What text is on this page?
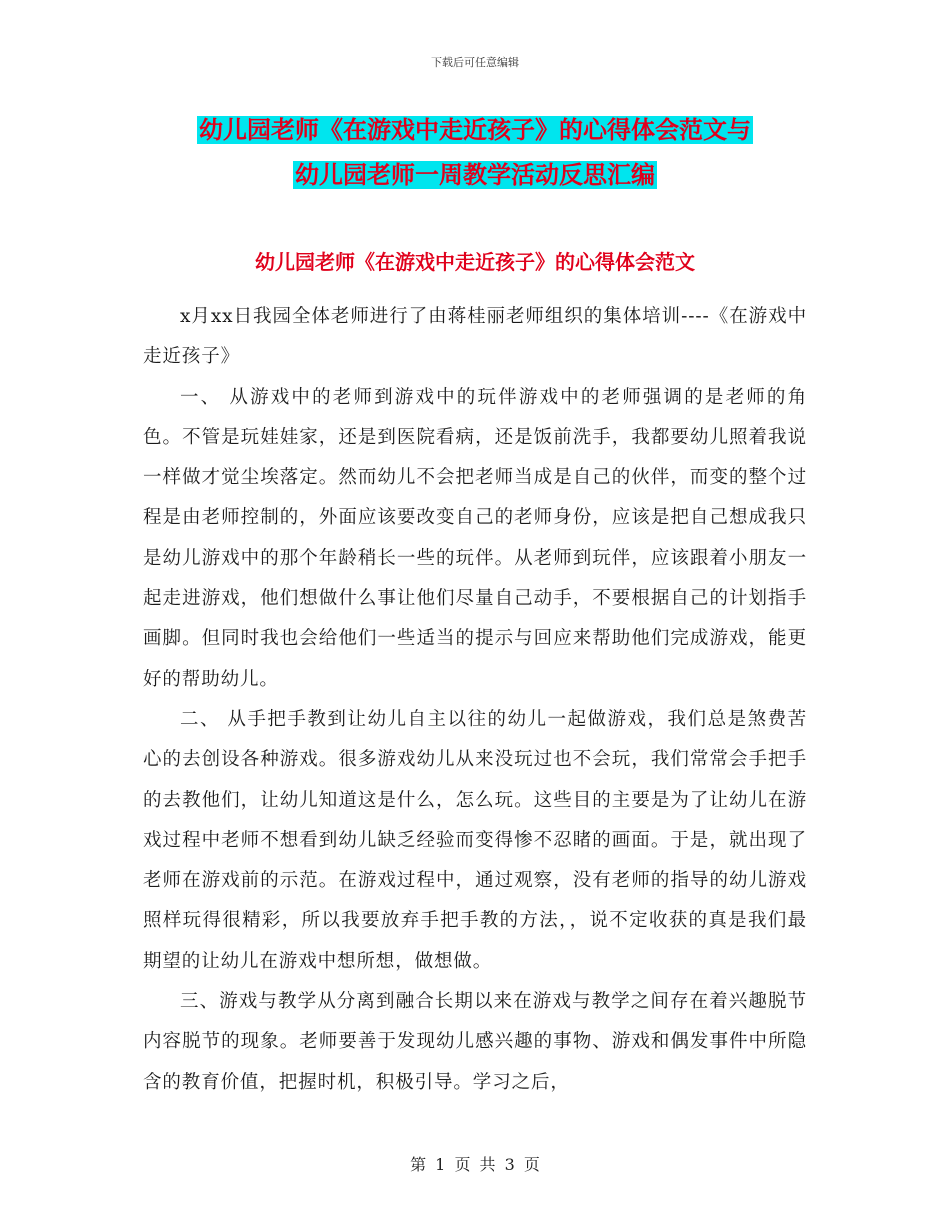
下载后可任意编辑
幼儿园老师《在游戏中走近孩子》的心得体会范文与
幼儿园老师一周教学活动反思汇编
幼儿园老师《在游戏中走近孩子》的心得体会范文

x月xx日我园全体老师进行了由蒋桂丽老师组织的集体培训----《在游戏中走近孩子》

一、 从游戏中的老师到游戏中的玩伴游戏中的老师强调的是老师的角色。不管是玩娃娃家，还是到医院看病，还是饭前洗手，我都要幼儿照着我说一样做才觉尘埃落定。然而幼儿不会把老师当成是自己的伙伴，而变的整个过程是由老师控制的，外面应该要改变自己的老师身份，应该是把自己想成我只是幼儿游戏中的那个年龄稍长一些的玩伴。从老师到玩伴，应该跟着小朋友一起走进游戏，他们想做什么事让他们尽量自己动手，不要根据自己的计划指手画脚。但同时我也会给他们一些适当的提示与回应来帮助他们完成游戏，能更好的帮助幼儿。

二、 从手把手教到让幼儿自主以往的幼儿一起做游戏，我们总是煞费苦心的去创设各种游戏。很多游戏幼儿从来没玩过也不会玩，我们常常会手把手的去教他们，让幼儿知道这是什么，怎么玩。这些目的主要是为了让幼儿在游戏过程中老师不想看到幼儿缺乏经验而变得惨不忍睹的画面。于是，就出现了老师在游戏前的示范。在游戏过程中，通过观察，没有老师的指导的幼儿游戏照样玩得很精彩，所以我要放弃手把手教的方法，，说不定收获的真是我们最期望的让幼儿在游戏中想所想，做想做。

三、游戏与教学从分离到融合长期以来在游戏与教学之间存在着兴趣脱节内容脱节的现象。老师要善于发现幼儿感兴趣的事物、游戏和偶发事件中所隐含的教育价值，把握时机，积极引导。学习之后，

第 1 页 共 3 页
